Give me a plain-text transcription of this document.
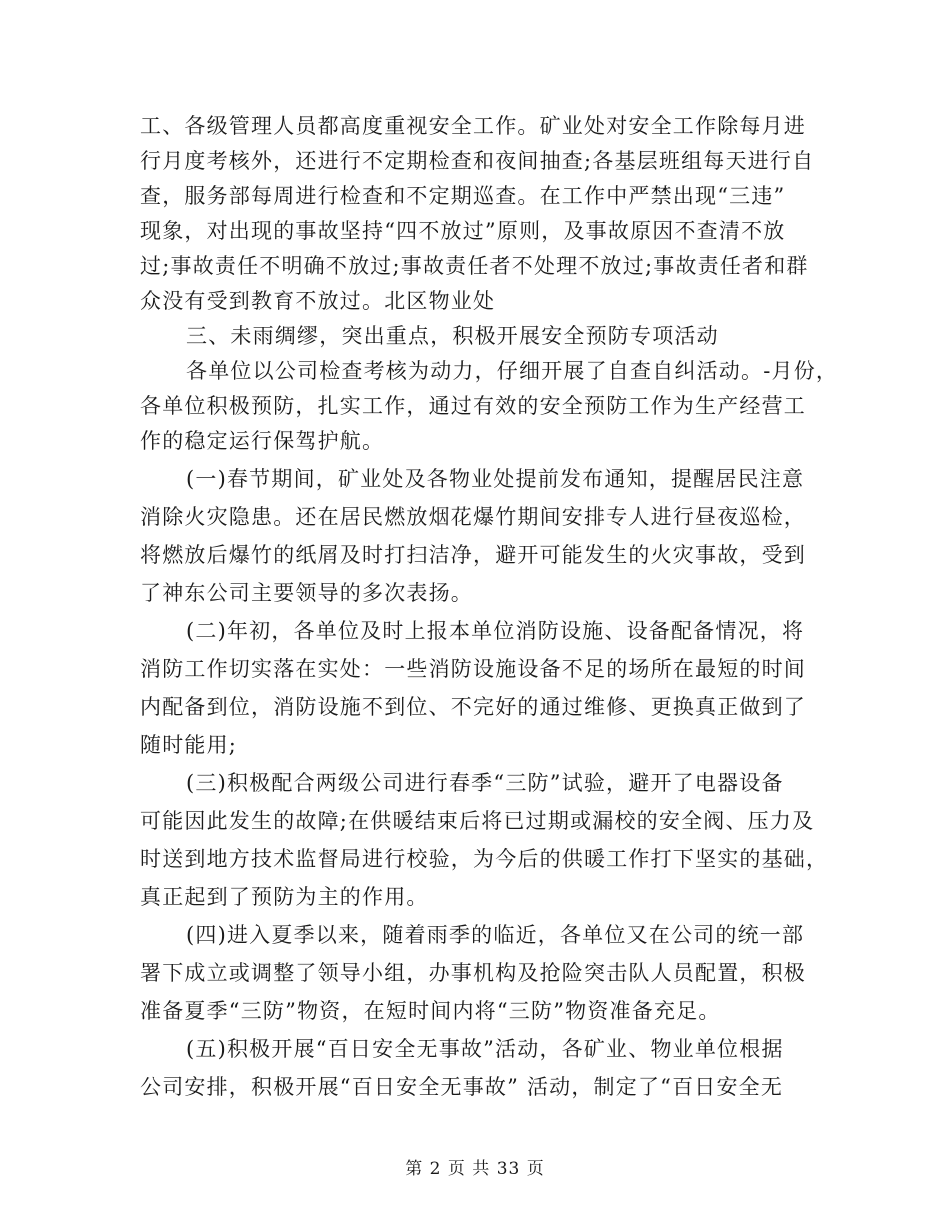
工、各级管理人员都高度重视安全工作。矿业处对安全工作除每月进
行月度考核外，还进行不定期检查和夜间抽查;各基层班组每天进行自
查，服务部每周进行检查和不定期巡查。在工作中严禁出现“三违”
现象，对出现的事故坚持“四不放过”原则，及事故原因不查清不放
过;事故责任不明确不放过;事故责任者不处理不放过;事故责任者和群
众没有受到教育不放过。北区物业处
三、未雨绸缪，突出重点，积极开展安全预防专项活动
各单位以公司检查考核为动力，仔细开展了自查自纠活动。-月份，
各单位积极预防，扎实工作，通过有效的安全预防工作为生产经营工
作的稳定运行保驾护航。
(一)春节期间，矿业处及各物业处提前发布通知，提醒居民注意
消除火灾隐患。还在居民燃放烟花爆竹期间安排专人进行昼夜巡检，
将燃放后爆竹的纸屑及时打扫洁净，避开可能发生的火灾事故，受到
了神东公司主要领导的多次表扬。
(二)年初，各单位及时上报本单位消防设施、设备配备情况，将
消防工作切实落在实处：一些消防设施设备不足的场所在最短的时间
内配备到位，消防设施不到位、不完好的通过维修、更换真正做到了
随时能用;
(三)积极配合两级公司进行春季“三防”试验，避开了电器设备
可能因此发生的故障;在供暖结束后将已过期或漏校的安全阀、压力及
时送到地方技术监督局进行校验，为今后的供暖工作打下坚实的基础，
真正起到了预防为主的作用。
(四)进入夏季以来，随着雨季的临近，各单位又在公司的统一部
署下成立或调整了领导小组，办事机构及抢险突击队人员配置，积极
准备夏季“三防”物资，在短时间内将“三防”物资准备充足。
(五)积极开展“百日安全无事故”活动，各矿业、物业单位根据
公司安排，积极开展“百日安全无事故” 活动，制定了“百日安全无
第 2 页 共 33 页
